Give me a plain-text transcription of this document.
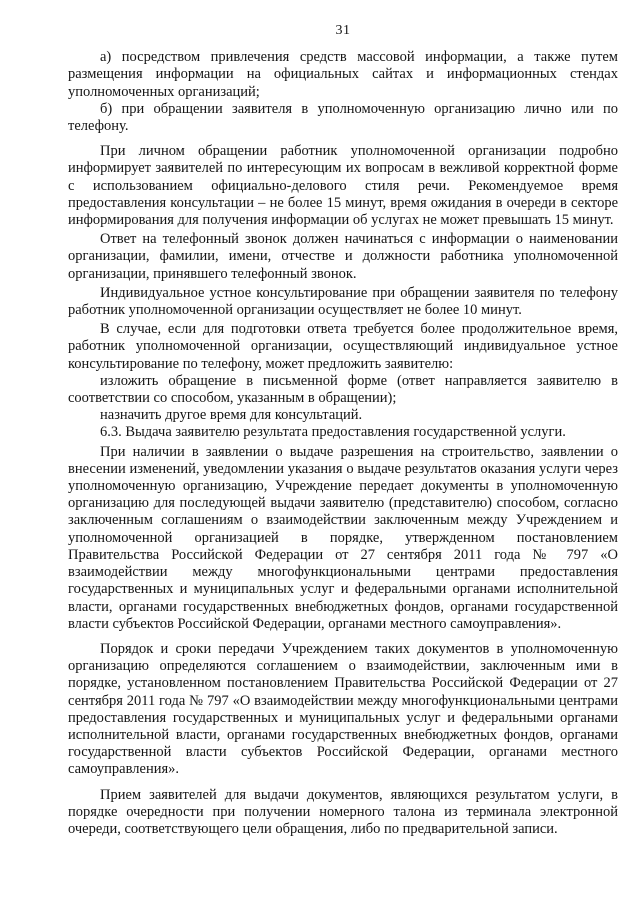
31

а) посредством привлечения средств массовой информации, а также путем размещения информации на официальных сайтах и информационных стендах уполномоченных организаций;

б) при обращении заявителя в уполномоченную организацию лично или по телефону.

При личном обращении работник уполномоченной организации подробно информирует заявителей по интересующим их вопросам в вежливой корректной форме с использованием официально-делового стиля речи. Рекомендуемое время предоставления консультации – не более 15 минут, время ожидания в очереди в секторе информирования для получения информации об услугах не может превышать 15 минут.

Ответ на телефонный звонок должен начинаться с информации о наименовании организации, фамилии, имени, отчестве и должности работника уполномоченной организации, принявшего телефонный звонок.

Индивидуальное устное консультирование при обращении заявителя по телефону работник уполномоченной организации осуществляет не более 10 минут.

В случае, если для подготовки ответа требуется более продолжительное время, работник уполномоченной организации, осуществляющий индивидуальное устное консультирование по телефону, может предложить заявителю:

изложить обращение в письменной форме (ответ направляется заявителю в соответствии со способом, указанным в обращении);

назначить другое время для консультаций.

6.3. Выдача заявителю результата предоставления государственной услуги.

При наличии в заявлении о выдаче разрешения на строительство, заявлении о внесении изменений, уведомлении указания о выдаче результатов оказания услуги через уполномоченную организацию, Учреждение передает документы в уполномоченную организацию для последующей выдачи заявителю (представителю) способом, согласно заключенным соглашениям о взаимодействии заключенным между Учреждением и уполномоченной организацией в порядке, утвержденном постановлением Правительства Российской Федерации от 27 сентября 2011 года № 797 «О взаимодействии между многофункциональными центрами предоставления государственных и муниципальных услуг и федеральными органами исполнительной власти, органами государственных внебюджетных фондов, органами государственной власти субъектов Российской Федерации, органами местного самоуправления».

Порядок и сроки передачи Учреждением таких документов в уполномоченную организацию определяются соглашением о взаимодействии, заключенным ими в порядке, установленном постановлением Правительства Российской Федерации от 27 сентября 2011 года № 797 «О взаимодействии между многофункциональными центрами предоставления государственных и муниципальных услуг и федеральными органами исполнительной власти, органами государственных внебюджетных фондов, органами государственной власти субъектов Российской Федерации, органами местного самоуправления».

Прием заявителей для выдачи документов, являющихся результатом услуги, в порядке очередности при получении номерного талона из терминала электронной очереди, соответствующего цели обращения, либо по предварительной записи.
